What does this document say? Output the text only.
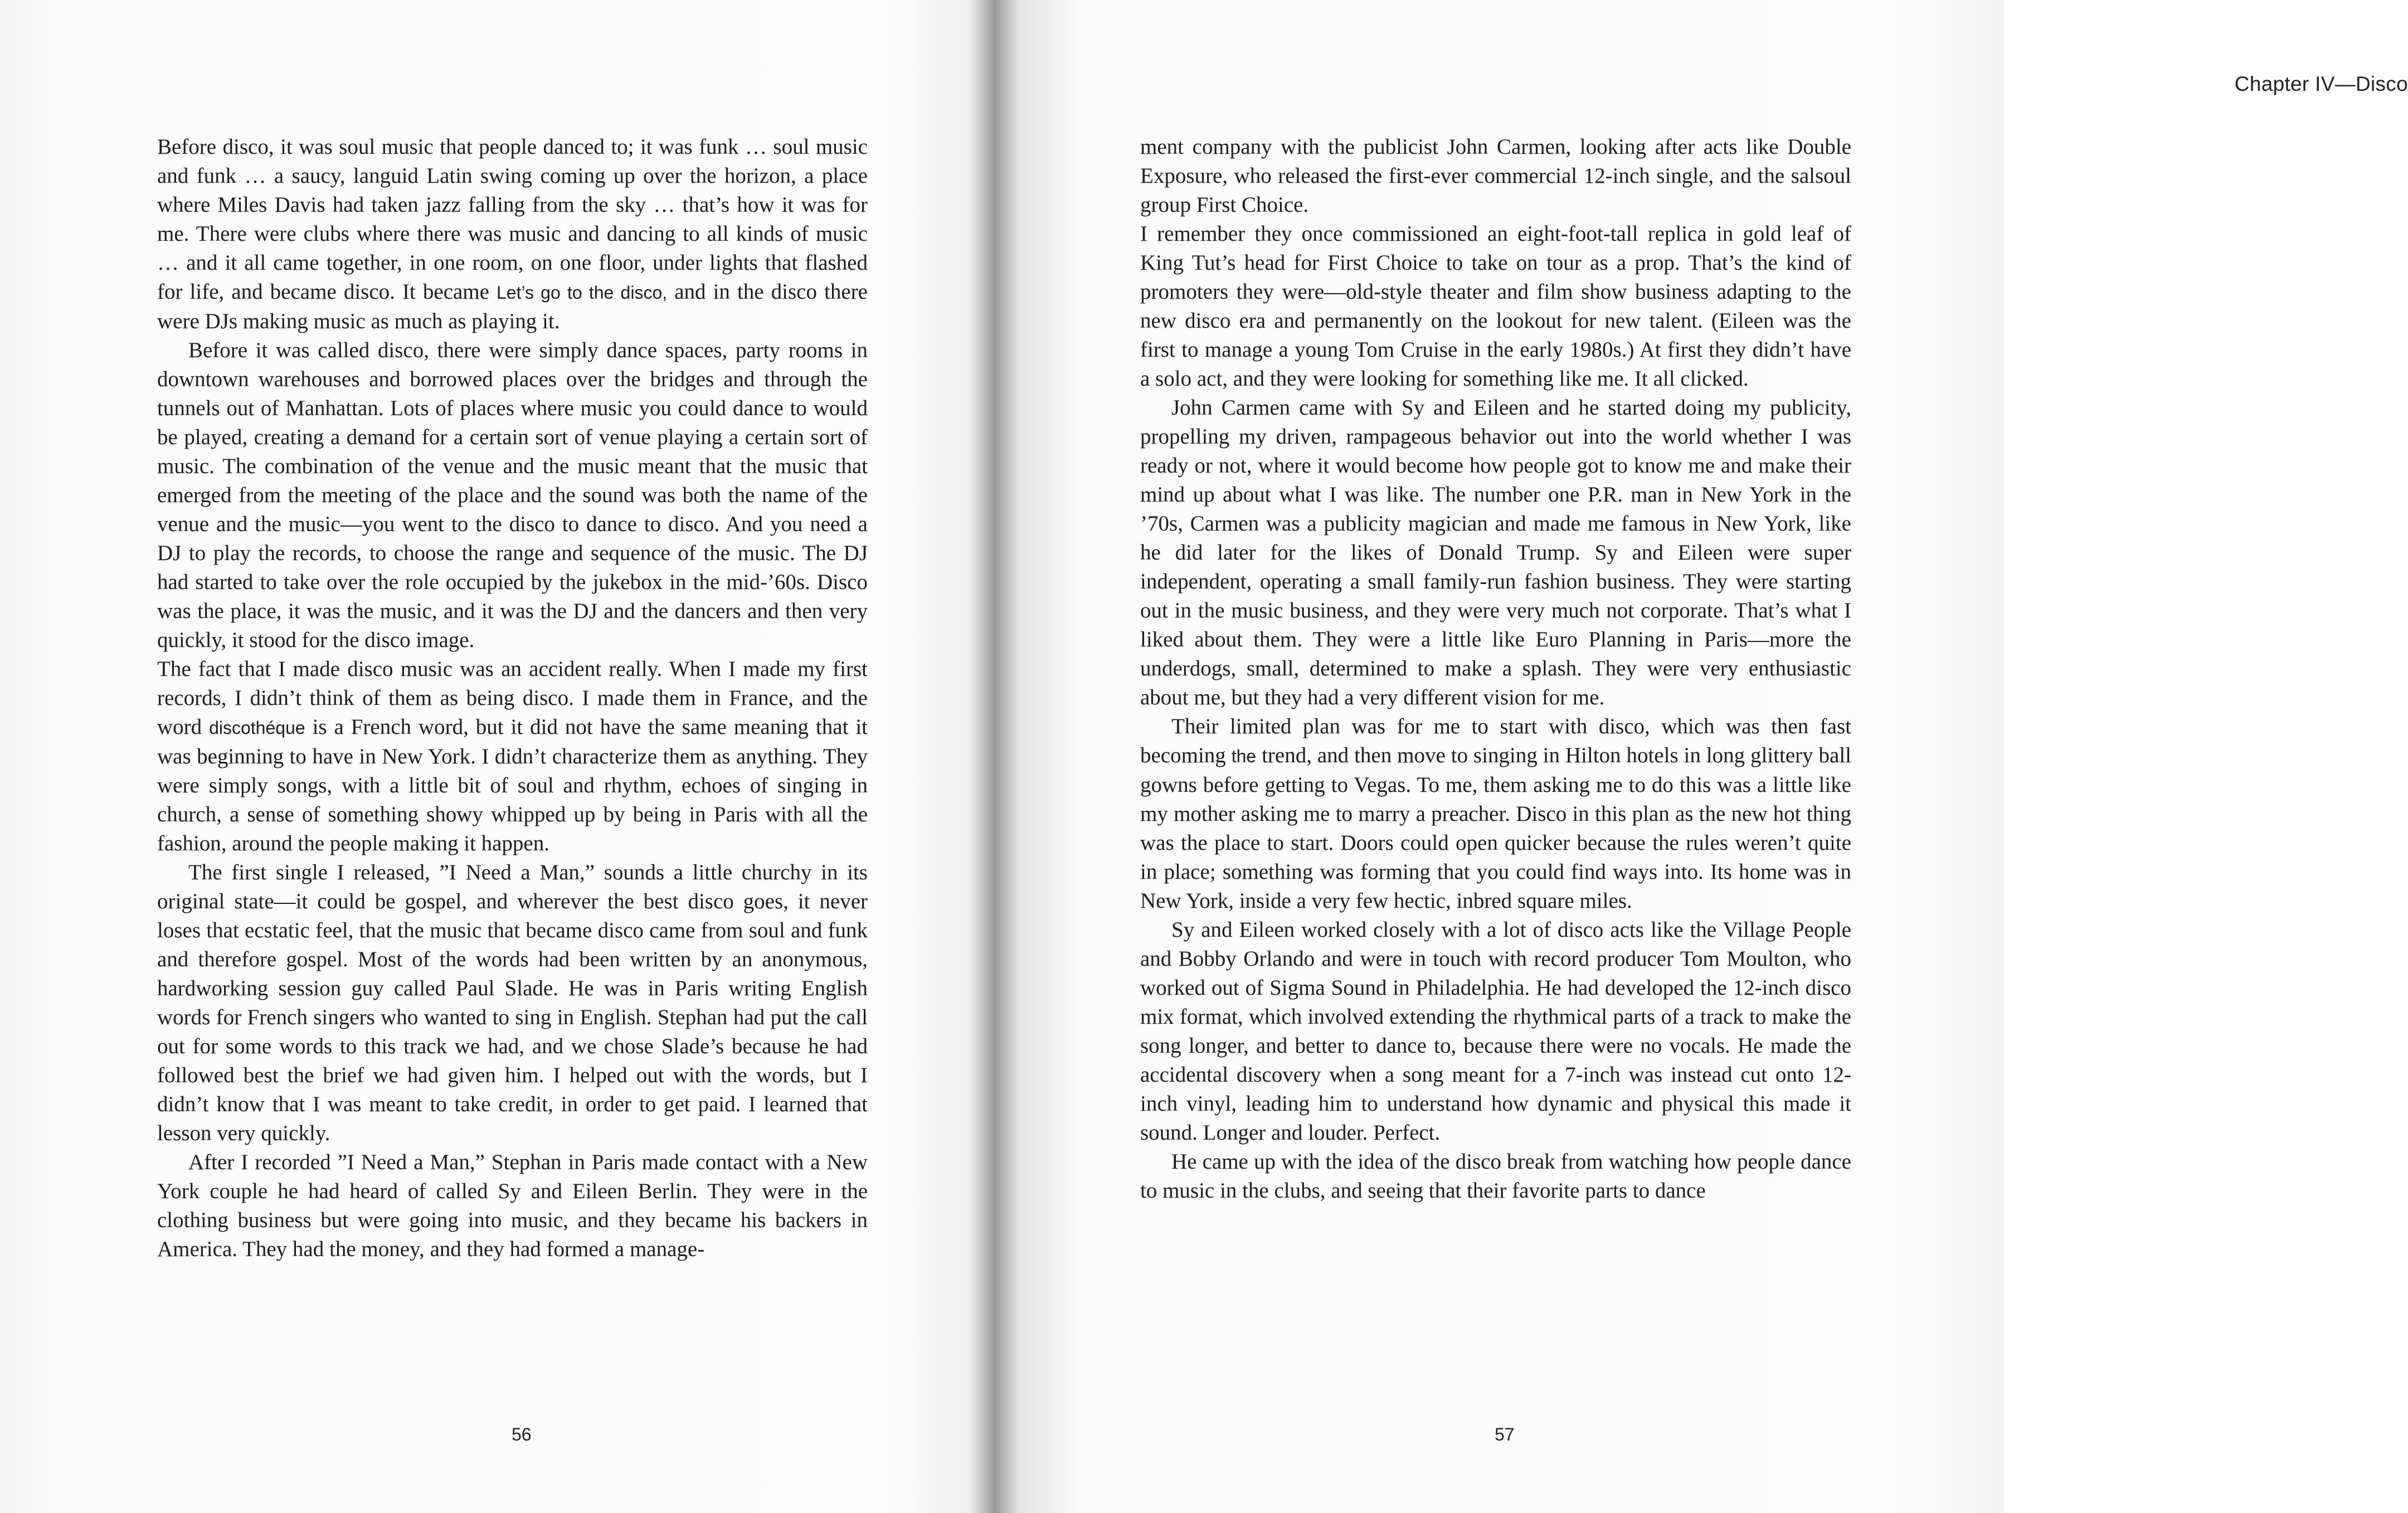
Before disco, it was soul music that people danced to; it was funk … soul music and funk … a saucy, languid Latin swing coming up over the horizon, a place where Miles Davis had taken jazz falling from the sky … that’s how it was for me. There were clubs where there was music and dancing to all kinds of music … and it all came together, in one room, on one floor, under lights that flashed for life, and became disco. It became Let’s go to the disco, and in the disco there were DJs making music as much as playing it.

Before it was called disco, there were simply dance spaces, party rooms in downtown warehouses and borrowed places over the bridges and through the tunnels out of Manhattan. Lots of places where music you could dance to would be played, creating a demand for a certain sort of venue playing a certain sort of music. The combination of the venue and the music meant that the music that emerged from the meeting of the place and the sound was both the name of the venue and the music—you went to the disco to dance to disco. And you need a DJ to play the records, to choose the range and sequence of the music. The DJ had started to take over the role occupied by the jukebox in the mid-’60s. Disco was the place, it was the music, and it was the DJ and the dancers and then very quickly, it stood for the disco image.

The fact that I made disco music was an accident really. When I made my first records, I didn’t think of them as being disco. I made them in France, and the word discothéque is a French word, but it did not have the same meaning that it was beginning to have in New York. I didn’t characterize them as anything. They were simply songs, with a little bit of soul and rhythm, echoes of singing in church, a sense of something showy whipped up by being in Paris with all the fashion, around the people making it happen.

The first single I released, ”I Need a Man,” sounds a little churchy in its original state—it could be gospel, and wherever the best disco goes, it never loses that ecstatic feel, that the music that became disco came from soul and funk and therefore gospel. Most of the words had been written by an anonymous, hardworking session guy called Paul Slade. He was in Paris writing English words for French singers who wanted to sing in English. Stephan had put the call out for some words to this track we had, and we chose Slade’s because he had followed best the brief we had given him. I helped out with the words, but I didn’t know that I was meant to take credit, in order to get paid. I learned that lesson very quickly.

After I recorded ”I Need a Man,” Stephan in Paris made contact with a New York couple he had heard of called Sy and Eileen Berlin. They were in the clothing business but were going into music, and they became his backers in America. They had the money, and they had formed a manage-

56
Chapter IV—Disco

ment company with the publicist John Carmen, looking after acts like Double Exposure, who released the first-ever commercial 12-inch single, and the salsoul group First Choice.

I remember they once commissioned an eight-foot-tall replica in gold leaf of King Tut’s head for First Choice to take on tour as a prop. That’s the kind of promoters they were—old-style theater and film show business adapting to the new disco era and permanently on the lookout for new talent. (Eileen was the first to manage a young Tom Cruise in the early 1980s.) At first they didn’t have a solo act, and they were looking for something like me. It all clicked.

John Carmen came with Sy and Eileen and he started doing my publicity, propelling my driven, rampageous behavior out into the world whether I was ready or not, where it would become how people got to know me and make their mind up about what I was like. The number one P.R. man in New York in the ’70s, Carmen was a publicity magician and made me famous in New York, like he did later for the likes of Donald Trump. Sy and Eileen were super independent, operating a small family-run fashion business. They were starting out in the music business, and they were very much not corporate. That’s what I liked about them. They were a little like Euro Planning in Paris—more the underdogs, small, determined to make a splash. They were very enthusiastic about me, but they had a very different vision for me.

Their limited plan was for me to start with disco, which was then fast becoming the trend, and then move to singing in Hilton hotels in long glittery ball gowns before getting to Vegas. To me, them asking me to do this was a little like my mother asking me to marry a preacher. Disco in this plan as the new hot thing was the place to start. Doors could open quicker because the rules weren’t quite in place; something was forming that you could find ways into. Its home was in New York, inside a very few hectic, inbred square miles.

Sy and Eileen worked closely with a lot of disco acts like the Village People and Bobby Orlando and were in touch with record producer Tom Moulton, who worked out of Sigma Sound in Philadelphia. He had developed the 12-inch disco mix format, which involved extending the rhythmical parts of a track to make the song longer, and better to dance to, because there were no vocals. He made the accidental discovery when a song meant for a 7-inch was instead cut onto 12-inch vinyl, leading him to understand how dynamic and physical this made it sound. Longer and louder. Perfect.

He came up with the idea of the disco break from watching how people dance to music in the clubs, and seeing that their favorite parts to dance

57
